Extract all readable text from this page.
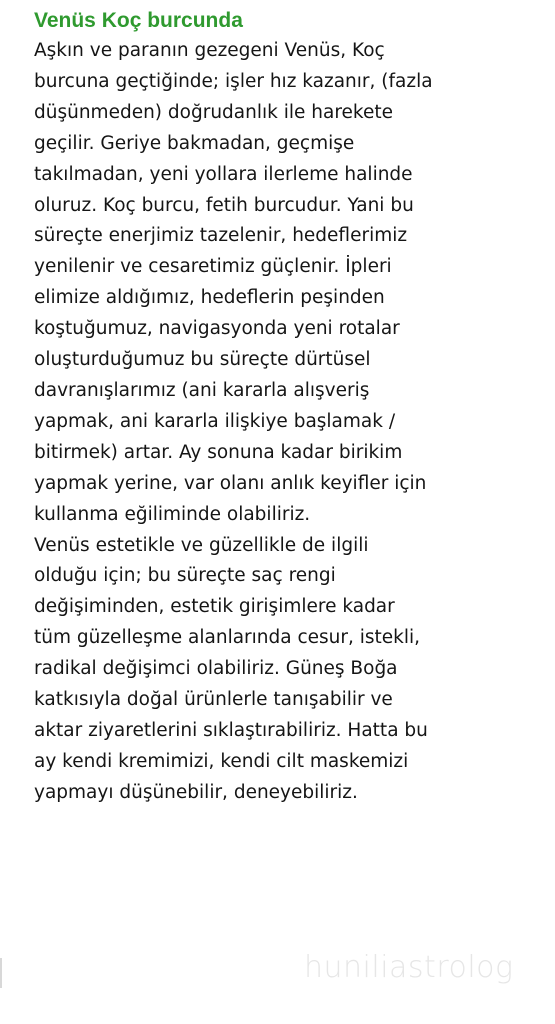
Venüs Koç burcunda

Aşkın ve paranın gezegeni Venüs, Koç

burcuna geçtiğinde; işler hız kazanır, (fazla

düşünmeden) doğrudanlık ile harekete

geçilir. Geriye bakmadan, geçmişe

takılmadan, yeni yollara ilerleme halinde

oluruz. Koç burcu, fetih burcudur. Yani bu

süreçte enerjimiz tazelenir, hedeflerimiz

yenilenir ve cesaretimiz güçlenir. İpleri

elimize aldığımız, hedeflerin peşinden

koştuğumuz, navigasyonda yeni rotalar

oluşturduğumuz bu süreçte dürtüsel

davranışlarımız (ani kararla alışveriş

yapmak, ani kararla ilişkiye başlamak /

bitirmek) artar. Ay sonuna kadar birikim

yapmak yerine, var olanı anlık keyifler için

kullanma eğiliminde olabiliriz.

Venüs estetikle ve güzellikle de ilgili

olduğu için; bu süreçte saç rengi

değişiminden, estetik girişimlere kadar

tüm güzelleşme alanlarında cesur, istekli,

radikal değişimci olabiliriz. Güneş Boğa

katkısıyla doğal ürünlerle tanışabilir ve

aktar ziyaretlerini sıklaştırabiliriz. Hatta bu

ay kendi kremimizi, kendi cilt maskemizi

yapmayı düşünebilir, deneyebiliriz.

huniliastrolog
